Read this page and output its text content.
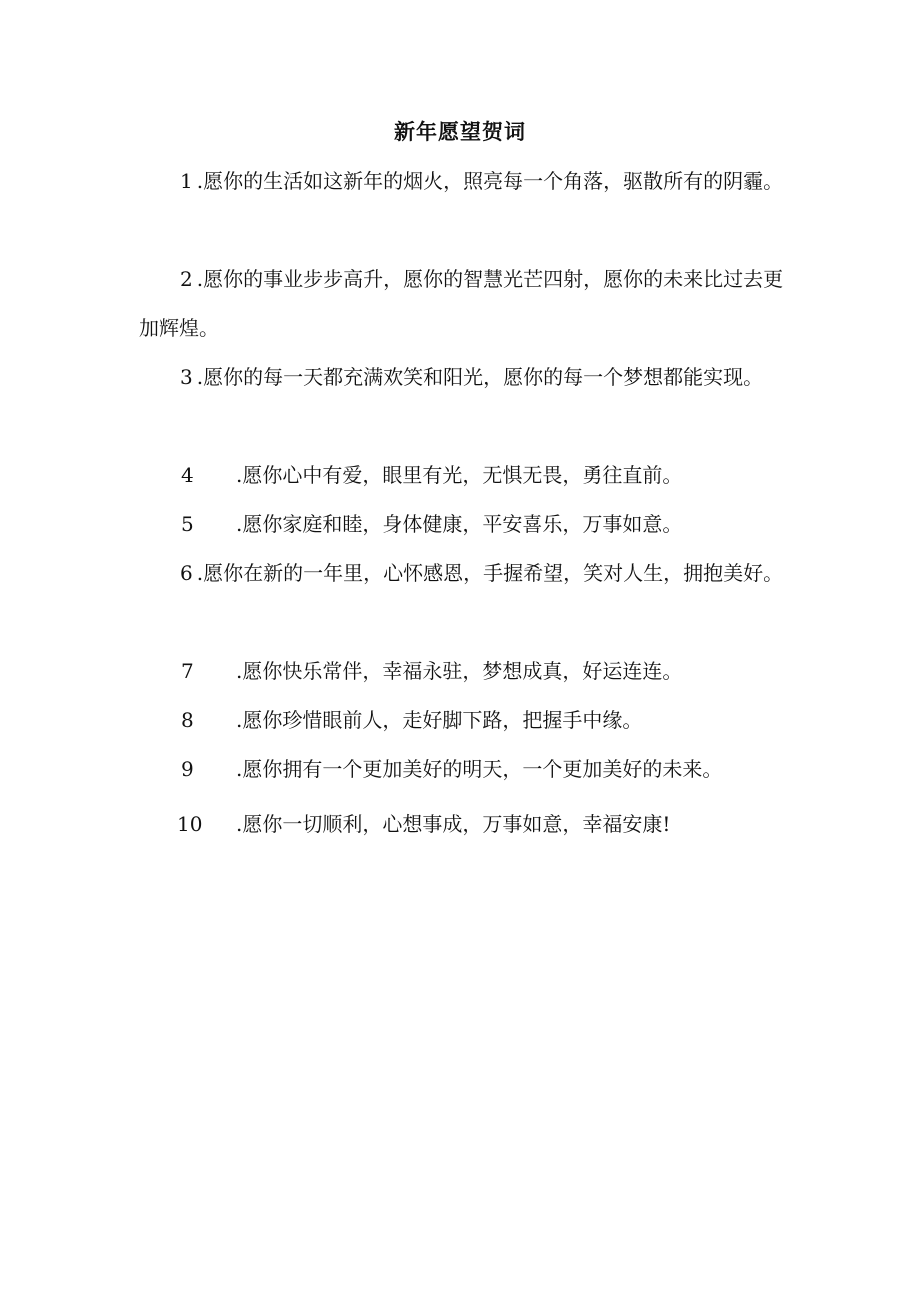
新年愿望贺词

1 .愿你的生活如这新年的烟火，照亮每一个角落，驱散所有的阴霾。

2 .愿你的事业步步高升，愿你的智慧光芒四射，愿你的未来比过去更加辉煌。

3 .愿你的每一天都充满欢笑和阳光，愿你的每一个梦想都能实现。

4 .愿你心中有爱，眼里有光，无惧无畏，勇往直前。

5 .愿你家庭和睦，身体健康，平安喜乐，万事如意。

6 .愿你在新的一年里，心怀感恩，手握希望，笑对人生，拥抱美好。

7 .愿你快乐常伴，幸福永驻，梦想成真，好运连连。

8 .愿你珍惜眼前人，走好脚下路，把握手中缘。

9 .愿你拥有一个更加美好的明天，一个更加美好的未来。

10 .愿你一切顺利，心想事成，万事如意，幸福安康!
